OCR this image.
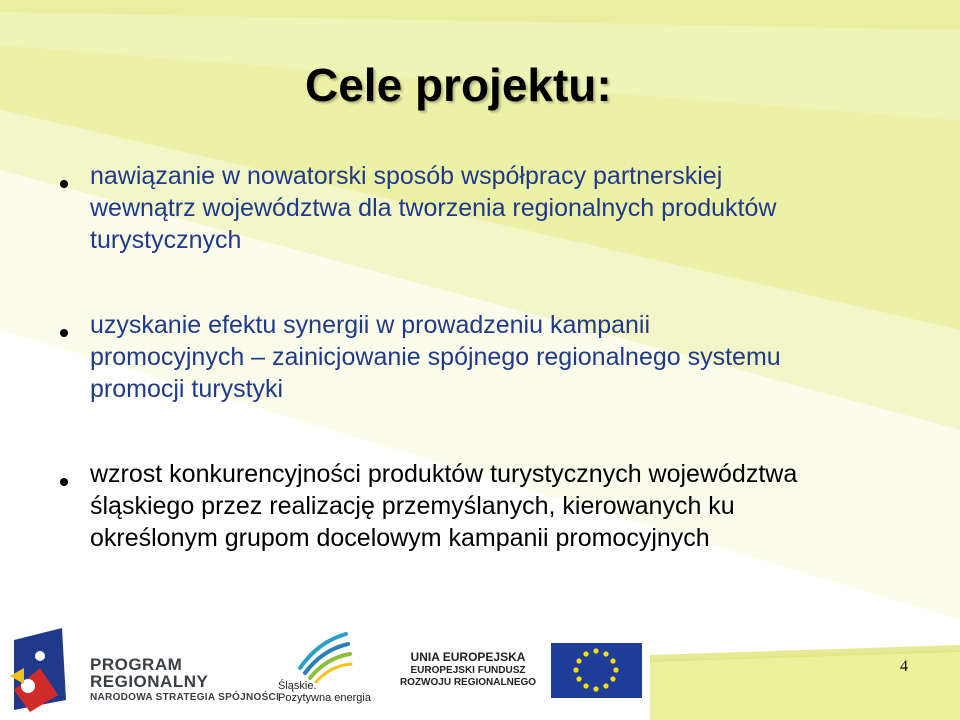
Cele projektu:
nawiązanie w nowatorski sposób współpracy partnerskiej
wewnątrz województwa dla tworzenia regionalnych produktów
turystycznych
uzyskanie efektu synergii w prowadzeniu kampanii
promocyjnych – zainicjowanie spójnego regionalnego systemu
promocji turystyki
wzrost konkurencyjności produktów turystycznych województwa
śląskiego przez realizację przemyślanych, kierowanych ku
określonym grupom docelowym kampanii promocyjnych
PROGRAM
REGIONALNY
NARODOWA STRATEGIA SPÓJNOŚCI
Śląskie.
Pozytywna energia
UNIA EUROPEJSKA
EUROPEJSKI FUNDUSZ
ROZWOJU REGIONALNEGO
4
